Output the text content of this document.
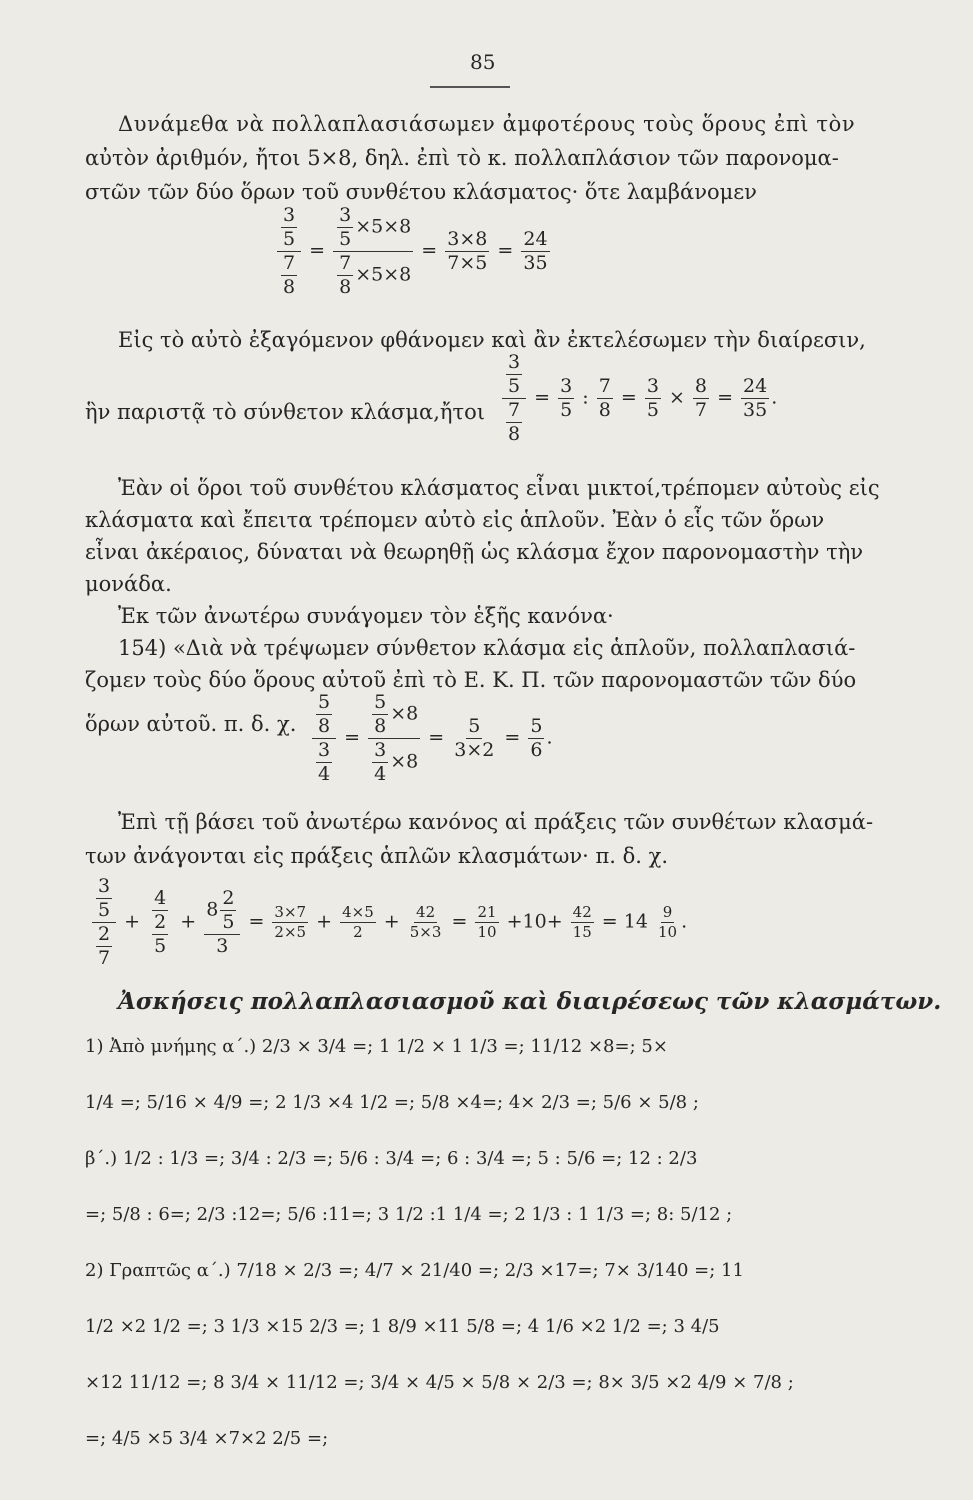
85
Δυνάμεθα νὰ πολλαπλασιάσωμεν ἀμφοτέρους τοὺς ὅρους ἐπὶ τὸν
αὐτὸν ἀριθμόν, ἤτοι 5×8, δηλ. ἐπὶ τὸ κ. πολλαπλάσιον τῶν παρονομα-
στῶν τῶν δύο ὅρων τοῦ συνθέτου κλάσματος· ὅτε λαμβάνομεν
$\frac{\frac{3}{5}}{\frac{7}{8}} = \frac{\frac{3}{5} \times 5\times 8}{\frac{7}{8} \times 5\times 8} = \frac{3\times 8}{7\times 5} = \frac{24}{35}$
Εἰς τὸ αὐτὸ ἐξαγόμενον φθάνομεν καὶ ἂν ἐκτελέσωμεν τὴν διαίρεσιν,
ἣν παριστᾷ τὸ σύνθετον κλάσμα,ἤτοι $\frac{\frac{3}{5}}{\frac{7}{8}} = \frac{3}{5}$ : $\frac{7}{8} = \frac{3}{5} \times \frac{8}{7} = \frac{24}{35}$ .
Ἐὰν οἱ ὅροι τοῦ συνθέτου κλάσματος εἶναι μικτοί,τρέπομεν αὐτοὺς εἰς
κλάσματα καὶ ἔπειτα τρέπομεν αὐτὸ εἰς ἁπλοῦν. Ἐὰν ὁ εἷς τῶν ὅρων
εἶναι ἀκέραιος, δύναται νὰ θεωρηθῇ ὡς κλάσμα ἔχον παρονομαστὴν τὴν
μονάδα.
Ἐκ τῶν ἀνωτέρω συνάγομεν τὸν ἑξῆς κανόνα·
154) «Διὰ νὰ τρέψωμεν σύνθετον κλάσμα εἰς ἁπλοῦν, πολλαπλασιά-
ζομεν τοὺς δύο ὅρους αὐτοῦ ἐπὶ τὸ Ε. Κ. Π. τῶν παρονομαστῶν τῶν δύο
ὅρων αὐτοῦ. π. δ. χ. $\frac{\frac{5}{8}}{\frac{3}{4}} = \frac{\frac{5}{8} \times 8}{\frac{3}{4} \times 8} = \frac{5}{3\times 2} = \frac{5}{6}$ .
Ἐπὶ τῇ βάσει τοῦ ἀνωτέρω κανόνος αἱ πράξεις τῶν συνθέτων κλασμά-
των ἀνάγονται εἰς πράξεις ἁπλῶν κλασμάτων· π. δ. χ.
$\frac{\frac{3}{5}}{\frac{2}{7}} + \frac{4}{\frac{2}{5}} + \frac{8 \frac{2}{5}}{3} = \frac{3\times 7}{2\times 5} + \frac{4\times 5}{2} + \frac{42}{5\times 3} = \frac{21}{10} +10+ \frac{42}{15} = 14 \frac{9}{10}$ .
Ἀσκήσεις πολλαπλασιασμοῦ καὶ διαιρέσεως τῶν κλασμάτων.
1) Ἀπὸ μνήμης α΄.) 2/3 × 3/4 =; 1 1/2 × 1 1/3 =; 11/12 ×8=; 5×
1/4 =; 5/16 × 4/9 =; 2 1/3 ×4 1/2 =; 5/8 ×4=; 4× 2/3 =; 5/6 × 5/8 ;
β΄.) 1/2 : 1/3 =; 3/4 : 2/3 =; 5/6 : 3/4 =; 6 : 3/4 =; 5 : 5/6 =; 12 : 2/3
=; 5/8 : 6=; 2/3 :12=; 5/6 :11=; 3 1/2 :1 1/4 =; 2 1/3 : 1 1/3 =; 8: 5/12 ;
2) Γραπτῶς α΄.) 7/18 × 2/3 =; 4/7 × 21/40 =; 2/3 ×17=; 7× 3/140 =; 11
1/2 ×2 1/2 =; 3 1/3 ×15 2/3 =; 1 8/9 ×11 5/8 =; 4 1/6 ×2 1/2 =; 3 4/5
×12 11/12 =; 8 3/4 × 11/12 =; 3/4 × 4/5 × 5/8 × 2/3 =; 8× 3/5 ×2 4/9 × 7/8 ;
=; 4/5 ×5 3/4 ×7×2 2/5 =;
